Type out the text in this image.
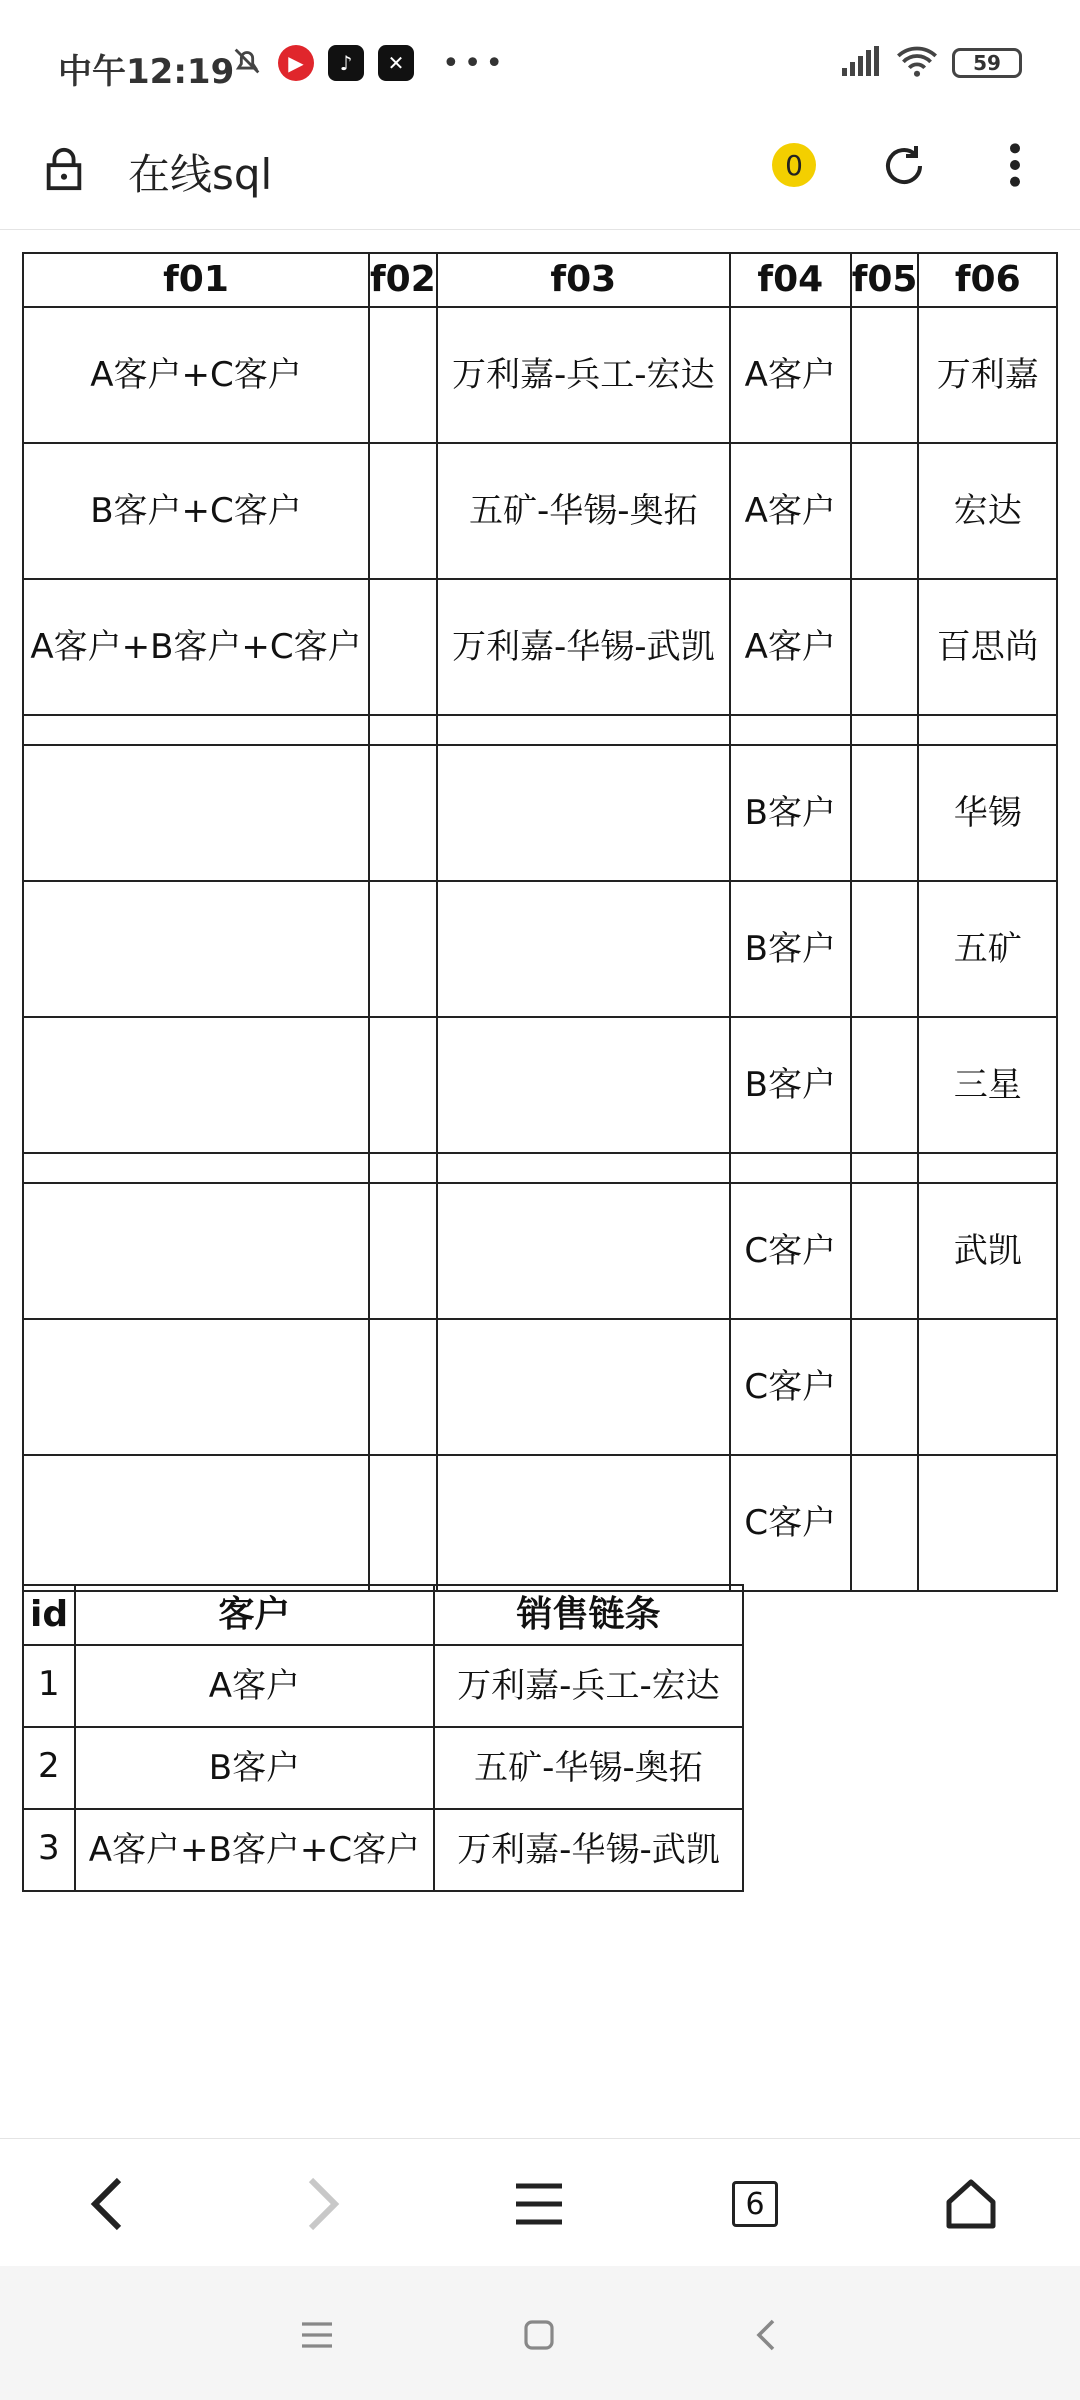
中午12:19	▶	♪	✕	•••	59
在线sql	0
f01	f02	f03	f04	f05	f06
A客户+C客户		万利嘉-兵工-宏达	A客户		万利嘉
B客户+C客户		五矿-华锡-奥拓	A客户		宏达
A客户+B客户+C客户		万利嘉-华锡-武凯	A客户		百思尚

			B客户		华锡
			B客户		五矿
			B客户		三星

			C客户		武凯
			C客户		
			C客户		
id	客户	销售链条
1	A客户	万利嘉-兵工-宏达
2	B客户	五矿-华锡-奥拓
3	A客户+B客户+C客户	万利嘉-华锡-武凯
6
